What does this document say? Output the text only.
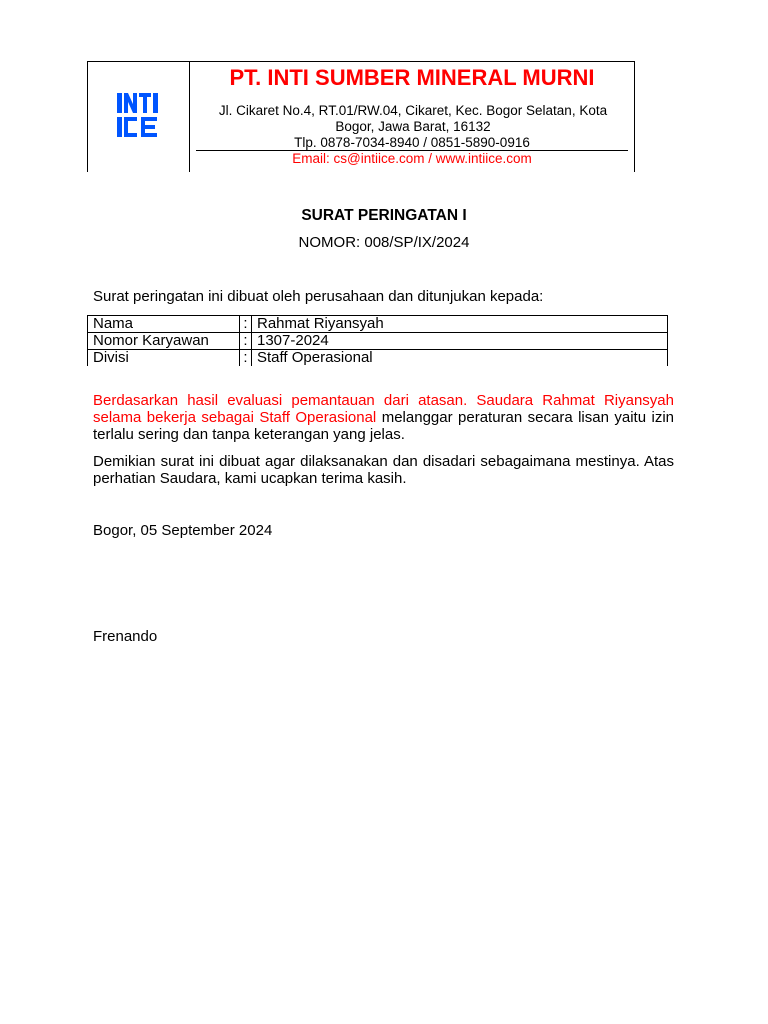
PT. INTI SUMBER MINERAL MURNI
Jl. Cikaret No.4, RT.01/RW.04, Cikaret, Kec. Bogor Selatan, Kota Bogor, Jawa Barat, 16132
Tlp. 0878-7034-8940 / 0851-5890-0916
Email: cs@intiice.com / www.intiice.com
SURAT PERINGATAN I
NOMOR: 008/SP/IX/2024
Surat peringatan ini dibuat oleh perusahaan dan ditunjukan kepada:
Nama	:	Rahmat Riyansyah
Nomor Karyawan	:	1307-2024
Divisi	:	Staff Operasional
Berdasarkan hasil evaluasi pemantauan dari atasan. Saudara Rahmat Riyansyah selama bekerja sebagai Staff Operasional melanggar peraturan secara lisan yaitu izin terlalu sering dan tanpa keterangan yang jelas.
Demikian surat ini dibuat agar dilaksanakan dan disadari sebagaimana mestinya. Atas perhatian Saudara, kami ucapkan terima kasih.
Bogor, 05 September 2024
Frenando
